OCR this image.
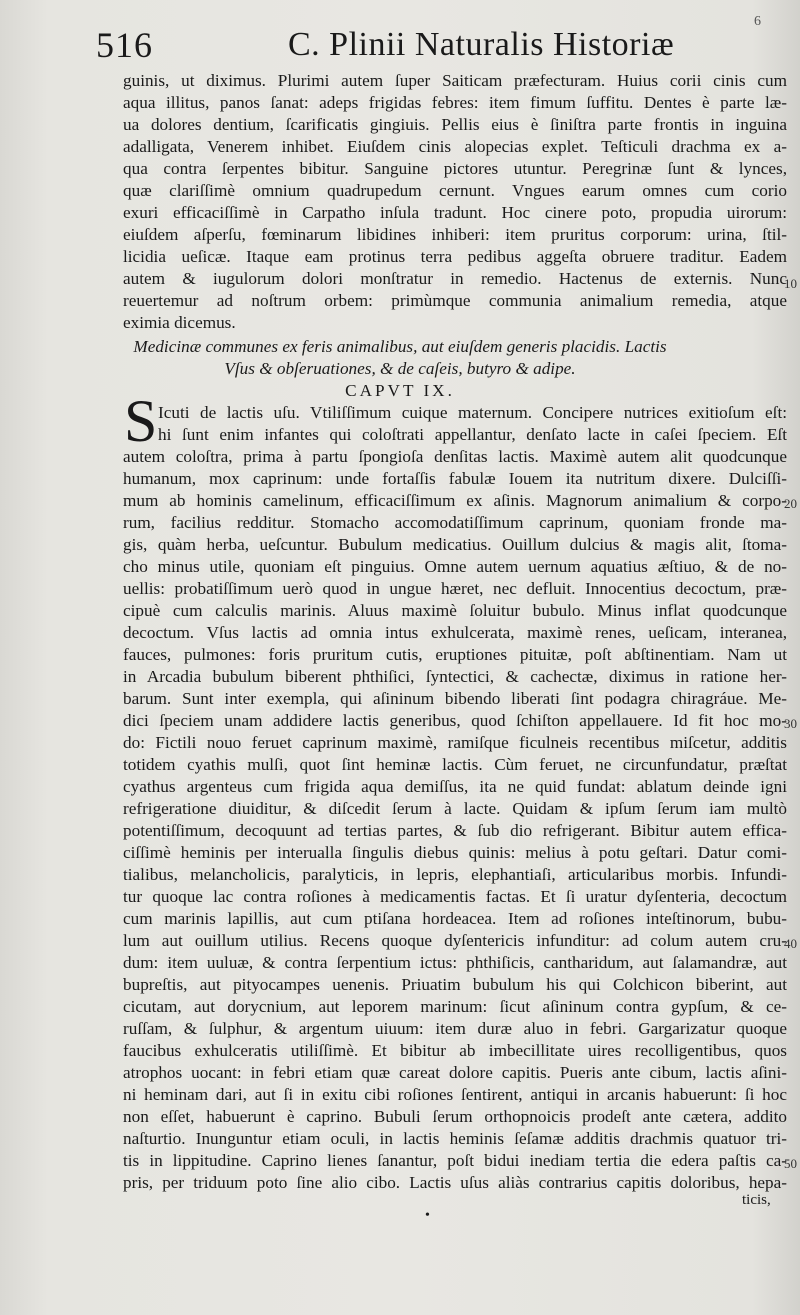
516	C. Plinii Naturalis Historiæ
6
guinis, ut diximus. Plurimi autem ſuper Saiticam præfecturam. Huius corii cinis cum
aqua illitus, panos ſanat: adeps frigidas febres: item fimum ſuffitu. Dentes è parte læ-
ua dolores dentium, ſcarificatis gingiuis. Pellis eius è ſiniſtra parte frontis in inguina
adalligata, Venerem inhibet. Eiuſdem cinis alopecias explet. Teſticuli drachma ex a-
qua contra ſerpentes bibitur. Sanguine pictores utuntur. Peregrinæ ſunt & lynces,
quæ clariſſimè omnium quadrupedum cernunt. Vngues earum omnes cum corio
exuri efficaciſſimè in Carpatho inſula tradunt. Hoc cinere poto, propudia uirorum:
eiuſdem aſperſu, fœminarum libidines inhiberi: item pruritus corporum: urina, ſtil-
licidia ueſicæ. Itaque eam protinus terra pedibus aggeſta obruere traditur. Eadem
autem & iugulorum dolori monſtratur in remedio. Hactenus de externis. Nunc
reuertemur ad noſtrum orbem: primùmque communia animalium remedia, atque
eximia dicemus.
Medicinæ communes ex feris animalibus, aut eiuſdem generis placidis. Lactis
Vſus & obſeruationes, & de caſeis, butyro & adipe.
CAPVT IX.
Icuti de lactis uſu. Vtiliſſimum cuique maternum. Concipere nutrices exitioſum eſt:
hi ſunt enim infantes qui coloſtrati appellantur, denſato lacte in caſei ſpeciem. Eſt
autem coloſtra, prima à partu ſpongioſa denſitas lactis. Maximè autem alit quodcunque
humanum, mox caprinum: unde fortaſſis fabulæ Iouem ita nutritum dixere. Dulciſſi-
mum ab hominis camelinum, efficaciſſimum ex aſinis. Magnorum animalium & corpo-
rum, facilius redditur. Stomacho accomodatiſſimum caprinum, quoniam fronde ma-
gis, quàm herba, ueſcuntur. Bubulum medicatius. Ouillum dulcius & magis alit, ſtoma-
cho minus utile, quoniam eſt pinguius. Omne autem uernum aquatius æſtiuo, & de no-
uellis: probatiſſimum uerò quod in ungue hæret, nec defluit. Innocentius decoctum, præ-
cipuè cum calculis marinis. Aluus maximè ſoluitur bubulo. Minus inflat quodcunque
decoctum. Vſus lactis ad omnia intus exhulcerata, maximè renes, ueſicam, interanea,
fauces, pulmones: foris pruritum cutis, eruptiones pituitæ, poſt abſtinentiam. Nam ut
in Arcadia bubulum biberent phthiſici, ſyntectici, & cachectæ, diximus in ratione her-
barum. Sunt inter exempla, qui aſininum bibendo liberati ſint podagra chiragráue. Me-
dici ſpeciem unam addidere lactis generibus, quod ſchiſton appellauere. Id fit hoc mo-
do: Fictili nouo feruet caprinum maximè, ramiſque ficulneis recentibus miſcetur, additis
totidem cyathis mulſi, quot ſint heminæ lactis. Cùm feruet, ne circunfundatur, præſtat
cyathus argenteus cum frigida aqua demiſſus, ita ne quid fundat: ablatum deinde igni
refrigeratione diuiditur, & diſcedit ſerum à lacte. Quidam & ipſum ſerum iam multò
potentiſſimum, decoquunt ad tertias partes, & ſub dio refrigerant. Bibitur autem effica-
ciſſimè heminis per interualla ſingulis diebus quinis: melius à potu geſtari. Datur comi-
tialibus, melancholicis, paralyticis, in lepris, elephantiaſi, articularibus morbis. Infundi-
tur quoque lac contra roſiones à medicamentis factas. Et ſi uratur dyſenteria, decoctum
cum marinis lapillis, aut cum ptiſana hordeacea. Item ad roſiones inteſtinorum, bubu-
lum aut ouillum utilius. Recens quoque dyſentericis infunditur: ad colum autem cru-
dum: item uuluæ, & contra ſerpentium ictus: phthiſicis, cantharidum, aut ſalamandræ, aut
bupreſtis, aut pityocampes uenenis. Priuatim bubulum his qui Colchicon biberint, aut
cicutam, aut dorycnium, aut leporem marinum: ſicut aſininum contra gypſum, & ce-
ruſſam, & ſulphur, & argentum uiuum: item duræ aluo in febri. Gargarizatur quoque
faucibus exhulceratis utiliſſimè. Et bibitur ab imbecillitate uires recolligentibus, quos
atrophos uocant: in febri etiam quæ careat dolore capitis. Pueris ante cibum, lactis aſini-
ni heminam dari, aut ſi in exitu cibi roſiones ſentirent, antiqui in arcanis habuerunt: ſi hoc
non eſſet, habuerunt è caprino. Bubuli ſerum orthopnoicis prodeſt ante cætera, addito
naſturtio. Inunguntur etiam oculi, in lactis heminis ſeſamæ additis drachmis quatuor tri-
tis in lippitudine. Caprino lienes ſanantur, poſt bidui inediam tertia die edera paſtis ca-
pris, per triduum poto ſine alio cibo. Lactis uſus aliàs contrarius capitis doloribus, hepa-
S
10
20
30
40
50
ticis,
•
